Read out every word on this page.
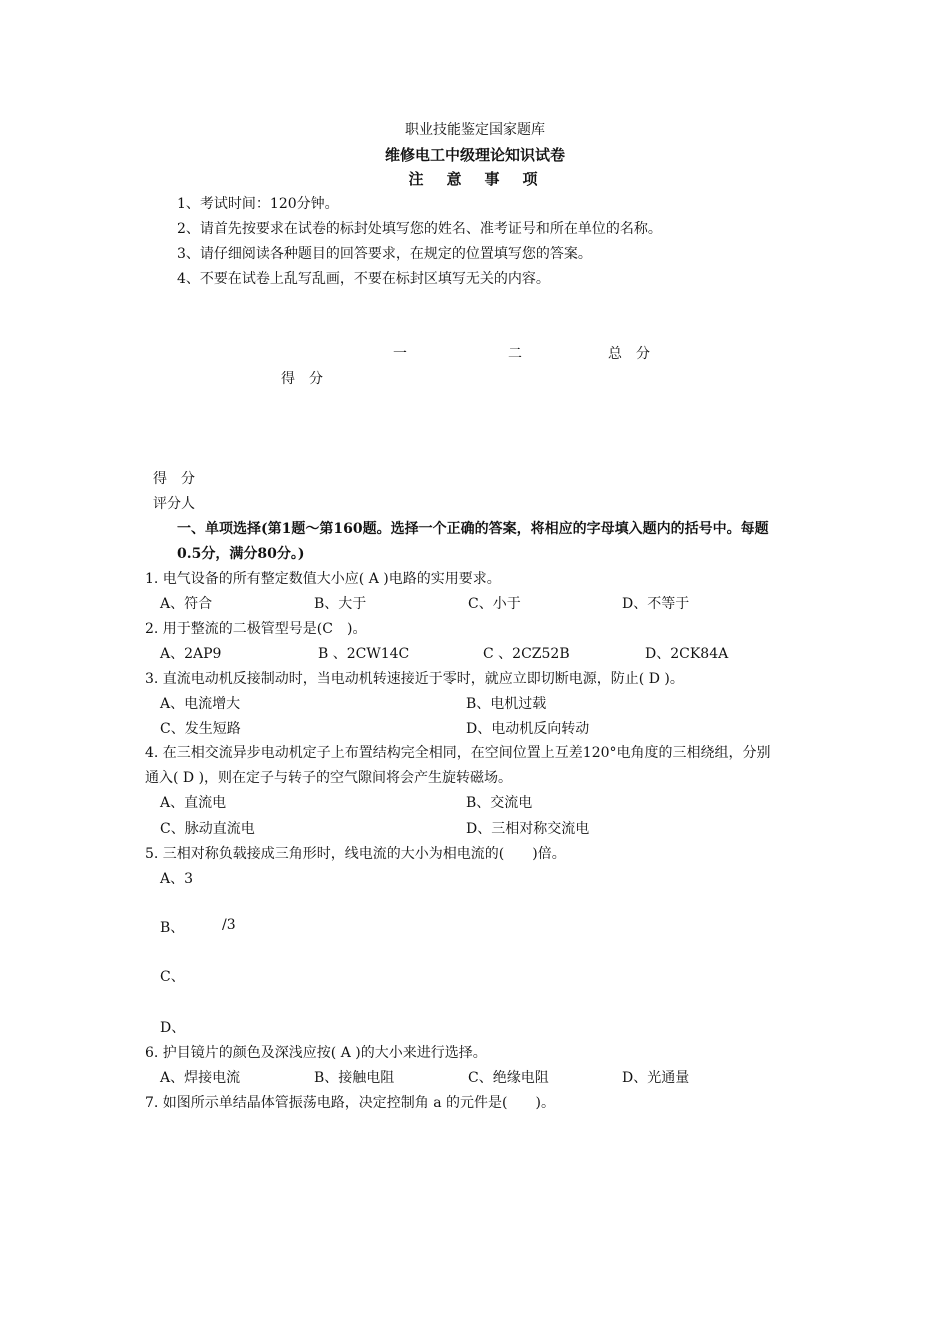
职业技能鉴定国家题库
维修电工中级理论知识试卷
注　意　事　项
1、考试时间：120分钟。
2、请首先按要求在试卷的标封处填写您的姓名、准考证号和所在单位的名称。
3、请仔细阅读各种题目的回答要求，在规定的位置填写您的答案。
4、不要在试卷上乱写乱画，不要在标封区填写无关的内容。
一	二	总　分
得　分
得　分
评分人
一、单项选择(第1题～第160题。选择一个正确的答案，将相应的字母填入题内的括号中。每题
0.5分，满分80分。)
1. 电气设备的所有整定数值大小应( A )电路的实用要求。
A、符合	B、大于	C、小于	D、不等于
2. 用于整流的二极管型号是(C　)。
A、2AP9	B 、2CW14C	C 、2CZ52B	D、2CK84A
3. 直流电动机反接制动时，当电动机转速接近于零时，就应立即切断电源，防止( D )。
A、电流增大	B、电机过载
C、发生短路	D、电动机反向转动
4. 在三相交流异步电动机定子上布置结构完全相同，在空间位置上互差120°电角度的三相绕组，分别
通入( D )，则在定子与转子的空气隙间将会产生旋转磁场。
A、直流电	B、交流电
C、脉动直流电	D、三相对称交流电
5. 三相对称负载接成三角形时，线电流的大小为相电流的(　　)倍。
A、3
B、	/3
C、
D、
6. 护目镜片的颜色及深浅应按( A )的大小来进行选择。
A、焊接电流	B、接触电阻	C、绝缘电阻	D、光通量
7. 如图所示单结晶体管振荡电路，决定控制角 a 的元件是(　　)。
